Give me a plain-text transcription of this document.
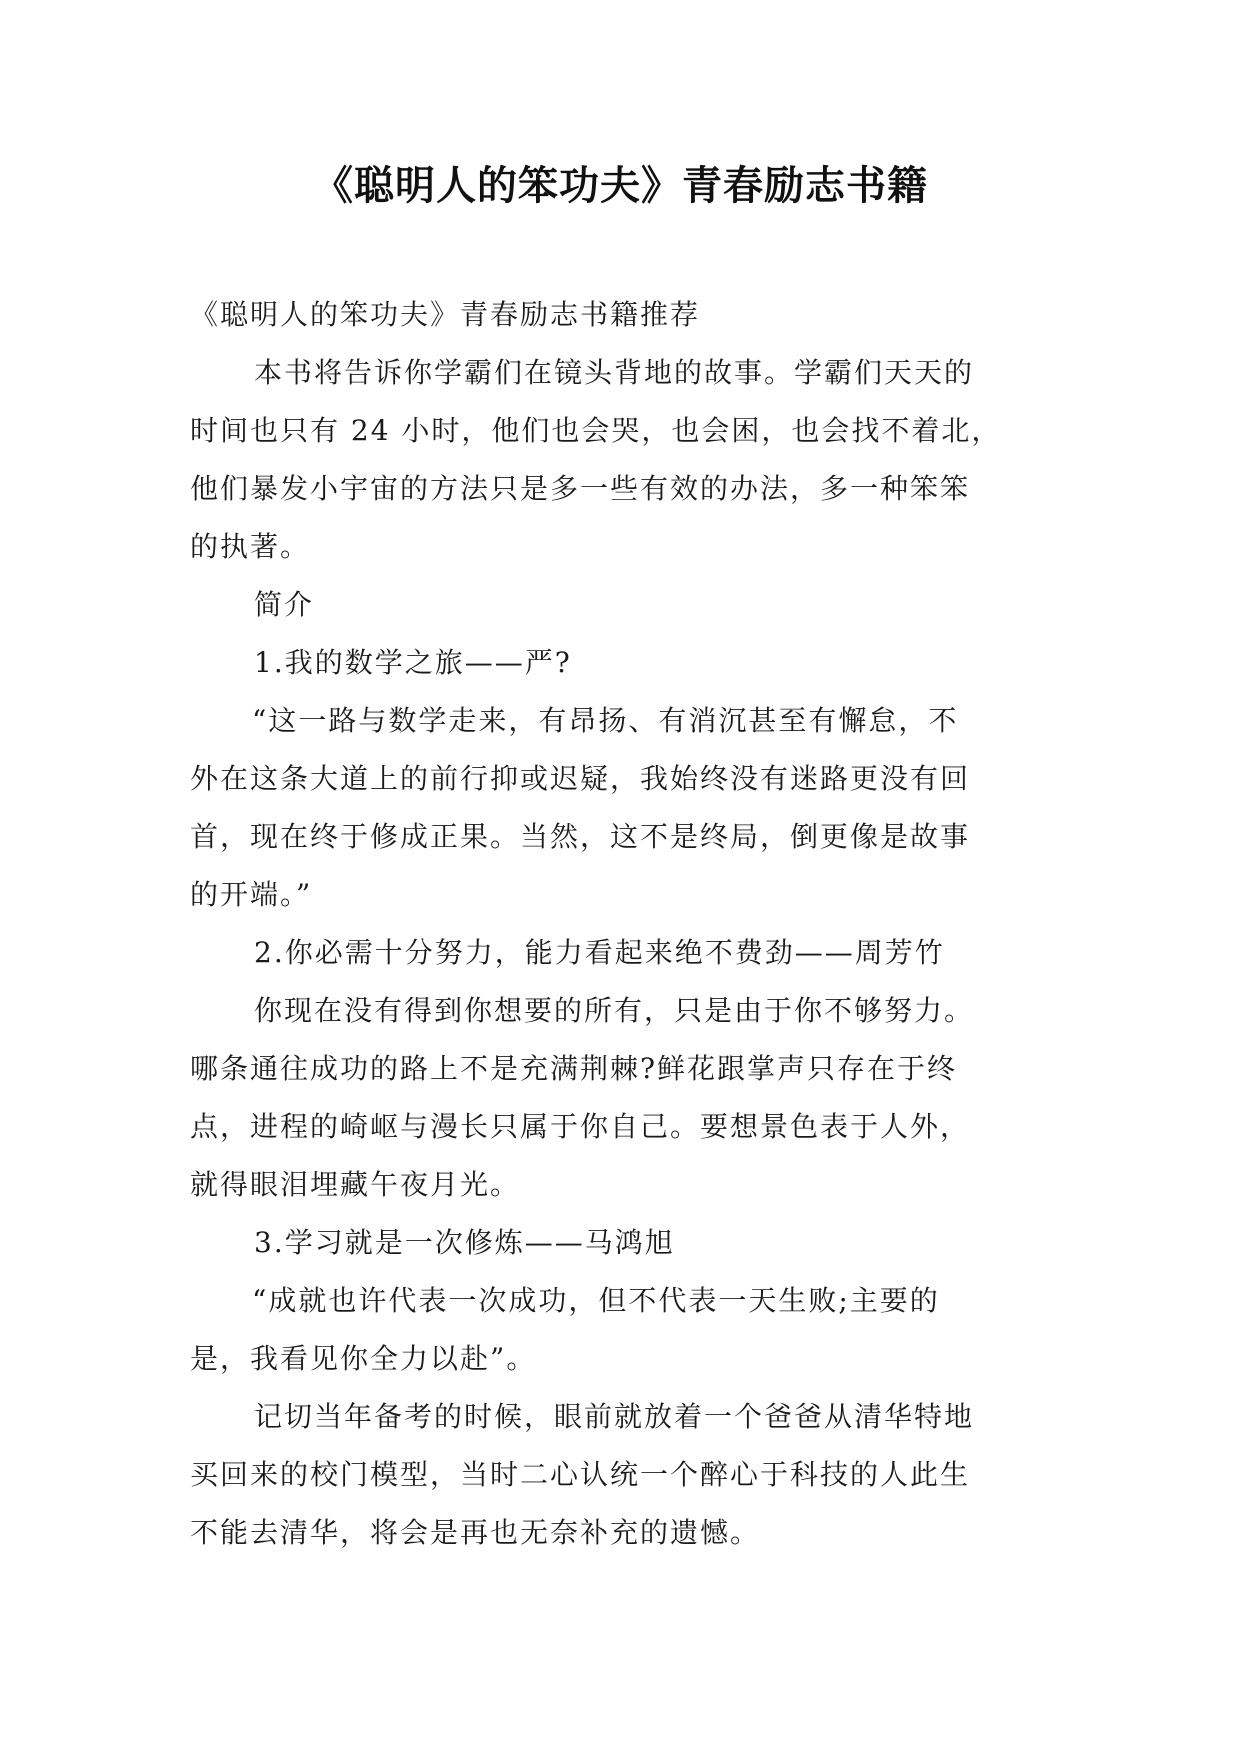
《聪明人的笨功夫》青春励志书籍

《聪明人的笨功夫》青春励志书籍推荐

本书将告诉你学霸们在镜头背地的故事。学霸们天天的

时间也只有 24 小时，他们也会哭，也会困，也会找不着北，

他们暴发小宇宙的方法只是多一些有效的办法，多一种笨笨

的执著。

简介

1.我的数学之旅——严?

“这一路与数学走来，有昂扬、有消沉甚至有懈怠，不

外在这条大道上的前行抑或迟疑，我始终没有迷路更没有回

首，现在终于修成正果。当然，这不是终局，倒更像是故事

的开端。”

2.你必需十分努力，能力看起来绝不费劲——周芳竹

你现在没有得到你想要的所有，只是由于你不够努力。

哪条通往成功的路上不是充满荆棘?鲜花跟掌声只存在于终

点，进程的崎岖与漫长只属于你自己。要想景色表于人外，

就得眼泪埋藏午夜月光。

3.学习就是一次修炼——马鸿旭

“成就也许代表一次成功，但不代表一天生败;主要的

是，我看见你全力以赴”。

记切当年备考的时候，眼前就放着一个爸爸从清华特地

买回来的校门模型，当时二心认统一个醉心于科技的人此生

不能去清华，将会是再也无奈补充的遗憾。
